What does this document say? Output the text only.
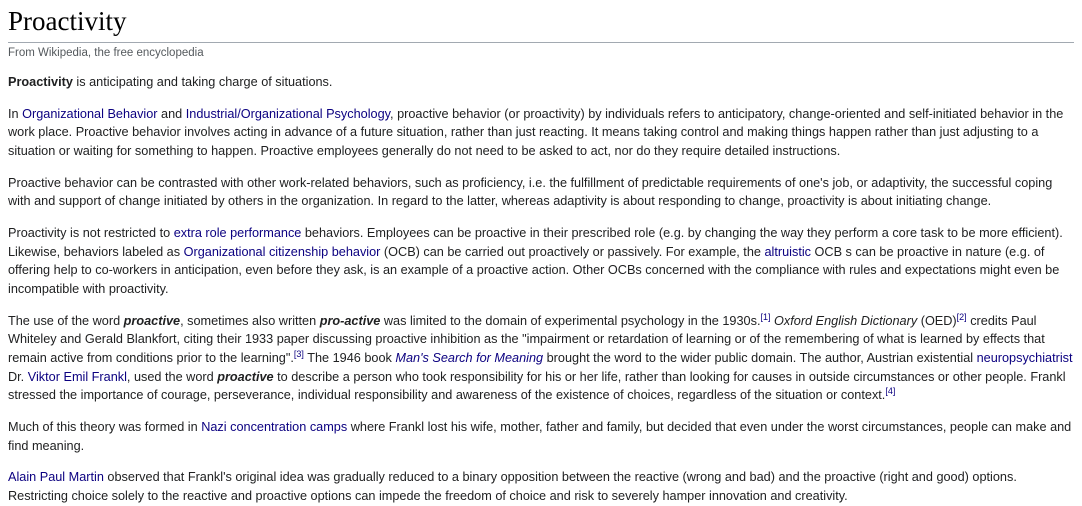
Proactivity
From Wikipedia, the free encyclopedia

Proactivity is anticipating and taking charge of situations.

In Organizational Behavior and Industrial/Organizational Psychology, proactive behavior (or proactivity) by individuals refers to anticipatory, change-oriented and self-initiated behavior in the work place. Proactive behavior involves acting in advance of a future situation, rather than just reacting. It means taking control and making things happen rather than just adjusting to a situation or waiting for something to happen. Proactive employees generally do not need to be asked to act, nor do they require detailed instructions.

Proactive behavior can be contrasted with other work-related behaviors, such as proficiency, i.e. the fulfillment of predictable requirements of one's job, or adaptivity, the successful coping with and support of change initiated by others in the organization. In regard to the latter, whereas adaptivity is about responding to change, proactivity is about initiating change.

Proactivity is not restricted to extra role performance behaviors. Employees can be proactive in their prescribed role (e.g. by changing the way they perform a core task to be more efficient). Likewise, behaviors labeled as Organizational citizenship behavior (OCB) can be carried out proactively or passively. For example, the altruistic OCB s can be proactive in nature (e.g. of offering help to co-workers in anticipation, even before they ask, is an example of a proactive action. Other OCBs concerned with the compliance with rules and expectations might even be incompatible with proactivity.

The use of the word proactive, sometimes also written pro-active was limited to the domain of experimental psychology in the 1930s.[1] Oxford English Dictionary (OED)[2] credits Paul Whiteley and Gerald Blankfort, citing their 1933 paper discussing proactive inhibition as the "impairment or retardation of learning or of the remembering of what is learned by effects that remain active from conditions prior to the learning".[3] The 1946 book Man's Search for Meaning brought the word to the wider public domain. The author, Austrian existential neuropsychiatrist Dr. Viktor Emil Frankl, used the word proactive to describe a person who took responsibility for his or her life, rather than looking for causes in outside circumstances or other people. Frankl stressed the importance of courage, perseverance, individual responsibility and awareness of the existence of choices, regardless of the situation or context.[4]

Much of this theory was formed in Nazi concentration camps where Frankl lost his wife, mother, father and family, but decided that even under the worst circumstances, people can make and find meaning.

Alain Paul Martin observed that Frankl's original idea was gradually reduced to a binary opposition between the reactive (wrong and bad) and the proactive (right and good) options. Restricting choice solely to the reactive and proactive options can impede the freedom of choice and risk to severely hamper innovation and creativity.
